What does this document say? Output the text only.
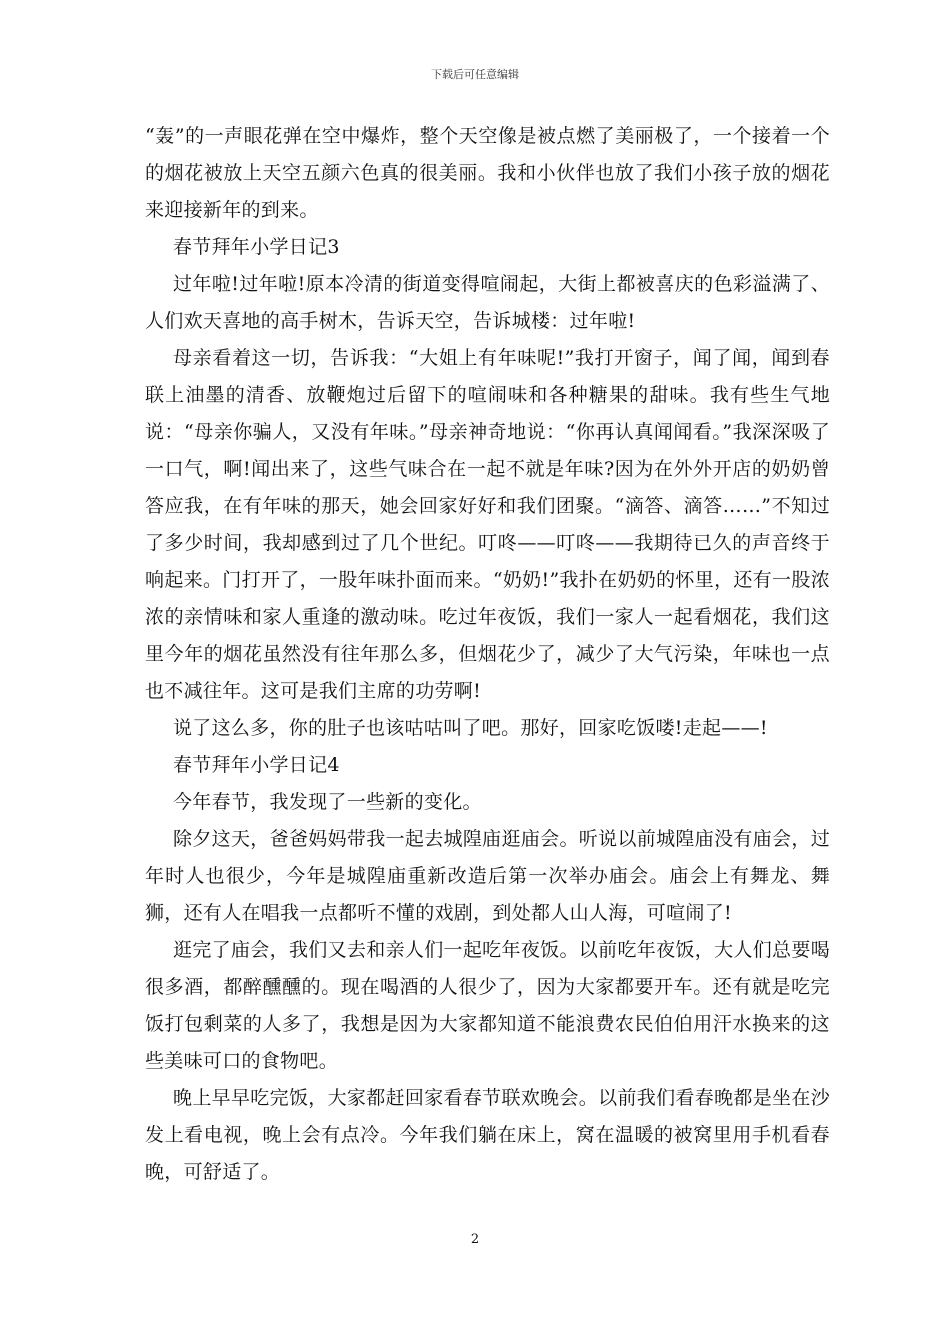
下载后可任意编辑

“轰”的一声眼花弹在空中爆炸，整个天空像是被点燃了美丽极了，一个接着一个的烟花被放上天空五颜六色真的很美丽。我和小伙伴也放了我们小孩子放的烟花来迎接新年的到来。

春节拜年小学日记3

过年啦!过年啦!原本冷清的街道变得喧闹起，大街上都被喜庆的色彩溢满了、人们欢天喜地的高手树木，告诉天空，告诉城楼：过年啦!

母亲看着这一切，告诉我：“大姐上有年味呢!”我打开窗子，闻了闻，闻到春联上油墨的清香、放鞭炮过后留下的喧闹味和各种糖果的甜味。我有些生气地说：“母亲你骗人，又没有年味。”母亲神奇地说：“你再认真闻闻看。”我深深吸了一口气，啊!闻出来了，这些气味合在一起不就是年味?因为在外外开店的奶奶曾答应我，在有年味的那天，她会回家好好和我们团聚。“滴答、滴答……”不知过了多少时间，我却感到过了几个世纪。叮咚——叮咚——我期待已久的声音终于响起来。门打开了，一股年味扑面而来。“奶奶!”我扑在奶奶的怀里，还有一股浓浓的亲情味和家人重逢的激动味。吃过年夜饭，我们一家人一起看烟花，我们这里今年的烟花虽然没有往年那么多，但烟花少了，减少了大气污染，年味也一点也不减往年。这可是我们主席的功劳啊!

说了这么多，你的肚子也该咕咕叫了吧。那好，回家吃饭喽!走起——!

春节拜年小学日记4

今年春节，我发现了一些新的变化。

除夕这天，爸爸妈妈带我一起去城隍庙逛庙会。听说以前城隍庙没有庙会，过年时人也很少，今年是城隍庙重新改造后第一次举办庙会。庙会上有舞龙、舞狮，还有人在唱我一点都听不懂的戏剧，到处都人山人海，可喧闹了!

逛完了庙会，我们又去和亲人们一起吃年夜饭。以前吃年夜饭，大人们总要喝很多酒，都醉醺醺的。现在喝酒的人很少了，因为大家都要开车。还有就是吃完饭打包剩菜的人多了，我想是因为大家都知道不能浪费农民伯伯用汗水换来的这些美味可口的食物吧。

晚上早早吃完饭，大家都赶回家看春节联欢晚会。以前我们看春晚都是坐在沙发上看电视，晚上会有点冷。今年我们躺在床上，窝在温暖的被窝里用手机看春晚，可舒适了。

2
